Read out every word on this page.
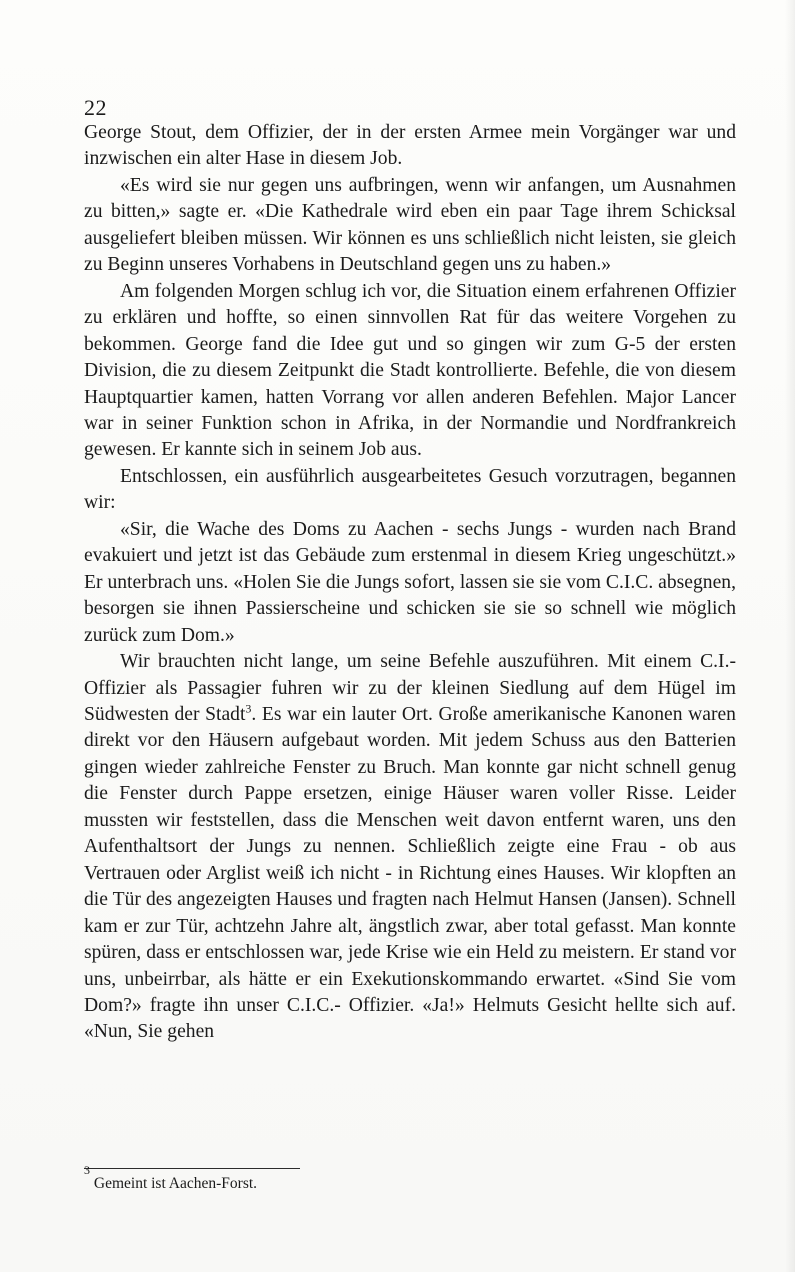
22

George Stout, dem Offizier, der in der ersten Armee mein Vorgänger war und inzwischen ein alter Hase in diesem Job.

«Es wird sie nur gegen uns aufbringen, wenn wir anfangen, um Ausnahmen zu bitten,» sagte er. «Die Kathedrale wird eben ein paar Tage ihrem Schicksal ausgeliefert bleiben müssen. Wir können es uns schließlich nicht leisten, sie gleich zu Beginn unseres Vorhabens in Deutschland gegen uns zu haben.»

Am folgenden Morgen schlug ich vor, die Situation einem erfahrenen Offizier zu erklären und hoffte, so einen sinnvollen Rat für das weitere Vorgehen zu bekommen. George fand die Idee gut und so gingen wir zum G-5 der ersten Division, die zu diesem Zeitpunkt die Stadt kontrollierte. Befehle, die von diesem Hauptquartier kamen, hatten Vorrang vor allen anderen Befehlen. Major Lancer war in seiner Funktion schon in Afrika, in der Normandie und Nordfrankreich gewesen. Er kannte sich in seinem Job aus.

Entschlossen, ein ausführlich ausgearbeitetes Gesuch vorzutragen, begannen wir:

«Sir, die Wache des Doms zu Aachen - sechs Jungs - wurden nach Brand evakuiert und jetzt ist das Gebäude zum erstenmal in diesem Krieg ungeschützt.» Er unterbrach uns. «Holen Sie die Jungs sofort, lassen sie sie vom C.I.C. absegnen, besorgen sie ihnen Passierscheine und schicken sie sie so schnell wie möglich zurück zum Dom.»

Wir brauchten nicht lange, um seine Befehle auszuführen. Mit einem C.I.- Offizier als Passagier fuhren wir zu der kleinen Siedlung auf dem Hügel im Südwesten der Stadt$^3$. Es war ein lauter Ort. Große amerikanische Kanonen waren direkt vor den Häusern aufgebaut worden. Mit jedem Schuss aus den Batterien gingen wieder zahlreiche Fenster zu Bruch. Man konnte gar nicht schnell genug die Fenster durch Pappe ersetzen, einige Häuser waren voller Risse. Leider mussten wir feststellen, dass die Menschen weit davon entfernt waren, uns den Aufenthaltsort der Jungs zu nennen. Schließlich zeigte eine Frau - ob aus Vertrauen oder Arglist weiß ich nicht - in Richtung eines Hauses. Wir klopften an die Tür des angezeigten Hauses und fragten nach Helmut Hansen (Jansen). Schnell kam er zur Tür, achtzehn Jahre alt, ängstlich zwar, aber total gefasst. Man konnte spüren, dass er entschlossen war, jede Krise wie ein Held zu meistern. Er stand vor uns, unbeirrbar, als hätte er ein Exekutionskommando erwartet. «Sind Sie vom Dom?» fragte ihn unser C.I.C.- Offizier. «Ja!» Helmuts Gesicht hellte sich auf. «Nun, Sie gehen

$^3$ Gemeint ist Aachen-Forst.
